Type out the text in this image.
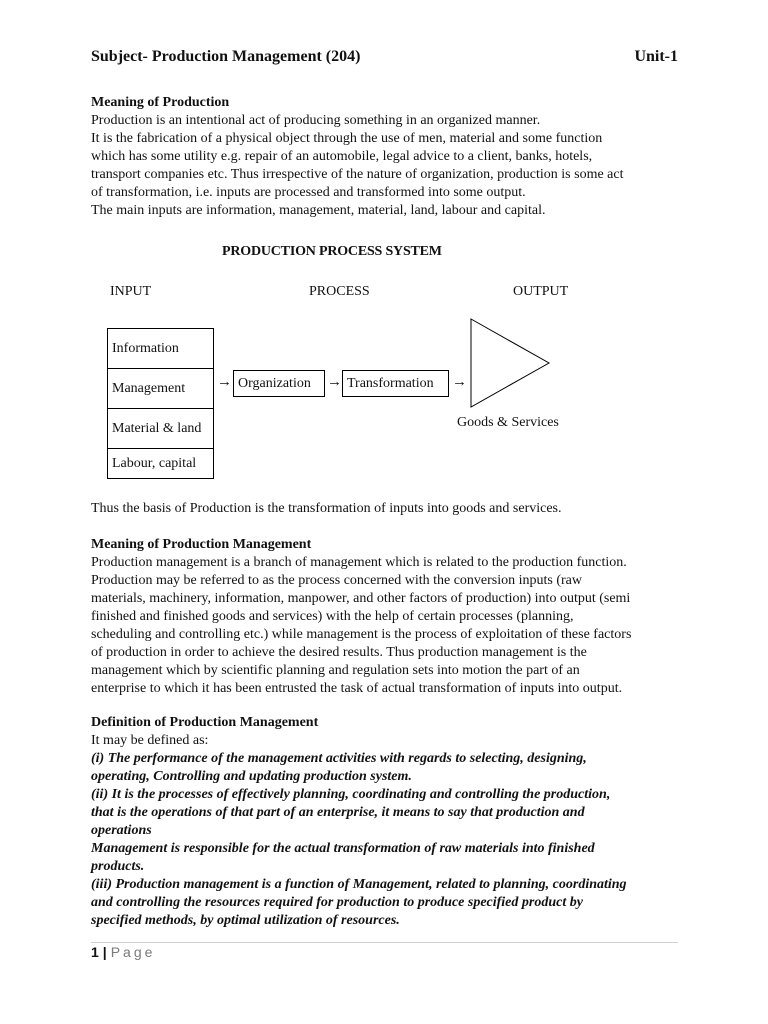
Subject- Production Management (204)	Unit-1

Meaning of Production

Production is an intentional act of producing something in an organized manner.

It is the fabrication of a physical object through the use of men, material and some function

which has some utility e.g. repair of an automobile, legal advice to a client, banks, hotels,

transport companies etc. Thus irrespective of the nature of organization, production is some act

of transformation, i.e. inputs are processed and transformed into some output.

The main inputs are information, management, material, land, labour and capital.

PRODUCTION PROCESS SYSTEM
INPUT	PROCESS	OUTPUT
Information
Management
Material & land
Labour, capital
→ Organization → Transformation →
Goods & Services
Thus the basis of Production is the transformation of inputs into goods and services.

Meaning of Production Management

Production management is a branch of management which is related to the production function.

Production may be referred to as the process concerned with the conversion inputs (raw

materials, machinery, information, manpower, and other factors of production) into output (semi

finished and finished goods and services) with the help of certain processes (planning,

scheduling and controlling etc.) while management is the process of exploitation of these factors

of production in order to achieve the desired results. Thus production management is the

management which by scientific planning and regulation sets into motion the part of an

enterprise to which it has been entrusted the task of actual transformation of inputs into output.

Definition of Production Management

It may be defined as:

(i) The performance of the management activities with regards to selecting, designing,

operating, Controlling and updating production system.

(ii) It is the processes of effectively planning, coordinating and controlling the production,

that is the operations of that part of an enterprise, it means to say that production and

operations

Management is responsible for the actual transformation of raw materials into finished

products.

(iii) Production management is a function of Management, related to planning, coordinating

and controlling the resources required for production to produce specified product by

specified methods, by optimal utilization of resources.

1 | Page
